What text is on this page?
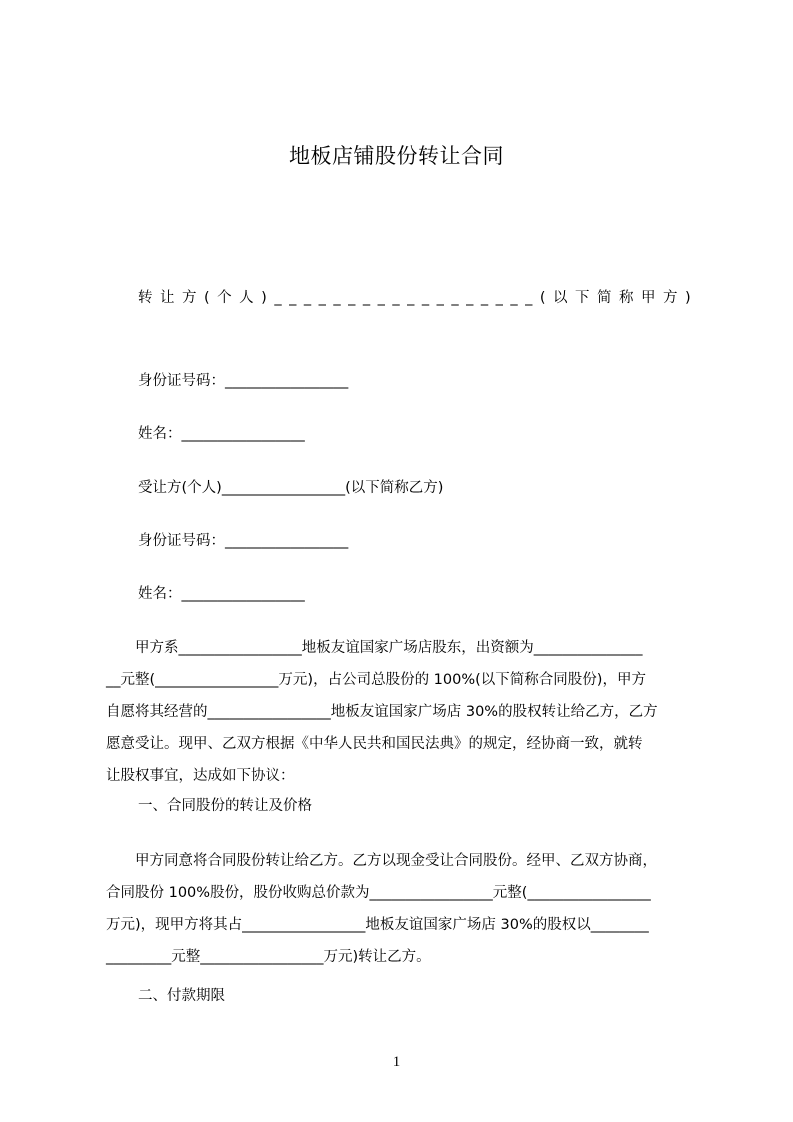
地板店铺股份转让合同
转让方(个人)__________________(以下简称甲方)
身份证号码：_________________
姓名：_________________
受让方(个人)_________________(以下简称乙方)
身份证号码：_________________
姓名：_________________
　　甲方系_________________地板友谊国家广场店股东，出资额为_______________
__元整(_________________万元)，占公司总股份的 100%(以下简称合同股份)，甲方
自愿将其经营的_________________地板友谊国家广场店 30%的股权转让给乙方，乙方
愿意受让。现甲、乙双方根据《中华人民共和国民法典》的规定，经协商一致，就转
让股权事宜，达成如下协议：
一、合同股份的转让及价格
　　甲方同意将合同股份转让给乙方。乙方以现金受让合同股份。经甲、乙双方协商，
合同股份 100%股份，股份收购总价款为_________________元整(_________________
万元)，现甲方将其占_________________地板友谊国家广场店 30%的股权以________
_________元整_________________万元)转让乙方。
二、付款期限
1
